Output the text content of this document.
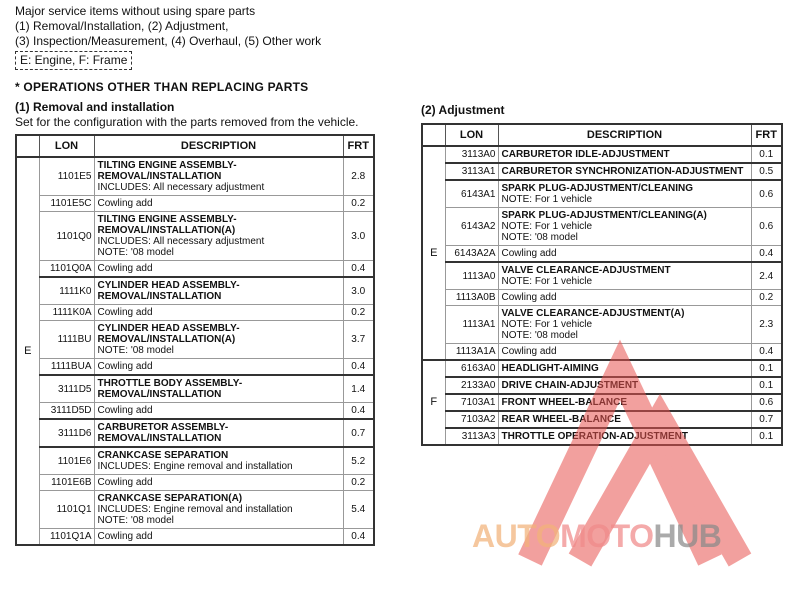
Major service items without using spare parts
(1) Removal/Installation, (2) Adjustment,
(3) Inspection/Measurement, (4) Overhaul, (5) Other work
E: Engine, F: Frame
* OPERATIONS OTHER THAN REPLACING PARTS
(1) Removal and installation
Set for the configuration with the parts removed from the vehicle.
	LON	DESCRIPTION	FRT
E	1101E5	TILTING ENGINE ASSEMBLY-REMOVAL/INSTALLATION
INCLUDES: All necessary adjustment	2.8
	1101E5C	Cowling add	0.2
	1101Q0	TILTING ENGINE ASSEMBLY-REMOVAL/INSTALLATION(A)
INCLUDES: All necessary adjustment
NOTE: '08 model	3.0
	1101Q0A	Cowling add	0.4
	1111K0	CYLINDER HEAD ASSEMBLY-REMOVAL/INSTALLATION	3.0
	1111K0A	Cowling add	0.2
	1111BU	CYLINDER HEAD ASSEMBLY-REMOVAL/INSTALLATION(A)
NOTE: '08 model	3.7
	1111BUA	Cowling add	0.4
	3111D5	THROTTLE BODY ASSEMBLY-REMOVAL/INSTALLATION	1.4
	3111D5D	Cowling add	0.4
	3111D6	CARBURETOR ASSEMBLY-REMOVAL/INSTALLATION	0.7
	1101E6	CRANKCASE SEPARATION
INCLUDES: Engine removal and installation	5.2
	1101E6B	Cowling add	0.2
	1101Q1	CRANKCASE SEPARATION(A)
INCLUDES: Engine removal and installation
NOTE: '08 model	5.4
	1101Q1A	Cowling add	0.4
(2) Adjustment
	LON	DESCRIPTION	FRT
E	3113A0	CARBURETOR IDLE-ADJUSTMENT	0.1
	3113A1	CARBURETOR SYNCHRONIZATION-ADJUSTMENT	0.5
	6143A1	SPARK PLUG-ADJUSTMENT/CLEANING
NOTE: For 1 vehicle	0.6
	6143A2	SPARK PLUG-ADJUSTMENT/CLEANING(A)
NOTE: For 1 vehicle
NOTE: '08 model	0.6
	6143A2A	Cowling add	0.4
	1113A0	VALVE CLEARANCE-ADJUSTMENT
NOTE: For 1 vehicle	2.4
	1113A0B	Cowling add	0.2
	1113A1	VALVE CLEARANCE-ADJUSTMENT(A)
NOTE: For 1 vehicle
NOTE: '08 model	2.3
	1113A1A	Cowling add	0.4
F	6163A0	HEADLIGHT-AIMING	0.1
	2133A0	DRIVE CHAIN-ADJUSTMENT	0.1
	7103A1	FRONT WHEEL-BALANCE	0.6
	7103A2	REAR WHEEL-BALANCE	0.7
	3113A3	THROTTLE OPERATION-ADJUSTMENT	0.1
AUTOMOTOHUB
